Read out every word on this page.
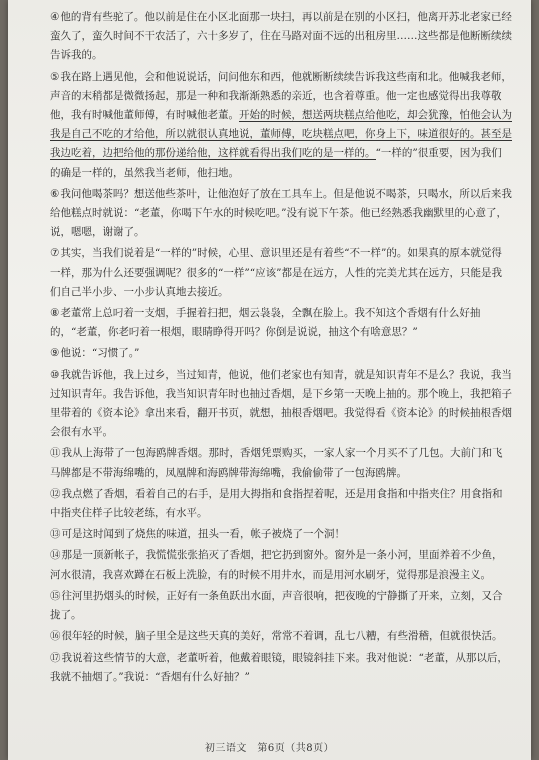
④他的背有些驼了。他以前是住在小区北面那一块扫，再以前是在别的小区扫，他离开苏北老家已经蛮久了，蛮久时间不干农活了，六十多岁了，住在马路对面不远的出租房里……这些都是他断断续续告诉我的。

⑤我在路上遇见他，会和他说说话，问问他东和西，他就断断续续告诉我这些南和北。他喊我老师，声音的末稍都是微微扬起，那是一种和我渐渐熟悉的亲近，也含着尊重。他一定也感觉得出我尊敬他，我有时喊他董师傅，有时喊他老董。开始的时候，想送两块糕点给他吃，却会犹豫，怕他会认为我是自己不吃的才给他，所以就很认真地说，董师傅，吃块糕点吧，你身上下，味道很好的。甚至是我边吃着，边把给他的那份递给他，这样就看得出我们吃的是一样的。“一样的”很重要，因为我们的确是一样的，虽然我当老师，他扫地。

⑥我问他喝茶吗？想送他些茶叶，让他泡好了放在工具车上。但是他说不喝茶，只喝水，所以后来我给他糕点时就说：“老董，你喝下午水的时候吃吧。”没有说下午茶。他已经熟悉我幽默里的心意了，说，嗯嗯，谢谢了。

⑦其实，当我们说着是“一样的”时候，心里、意识里还是有着些“不一样”的。如果真的原本就觉得一样，那为什么还要强调呢？很多的“一样”“应该”都是在远方，人性的完美尤其在远方，只能是我们自己半小步、一小步认真地去接近。

⑧老董常上总叼着一支烟，手握着扫把，烟云袅袅，全飘在脸上。我不知这个香烟有什么好抽的，“老董，你老叼着一根烟，眼睛睁得开吗？你倒是说说，抽这个有啥意思？”

⑨他说：“习惯了。”

⑩我就告诉他，我上过乡，当过知青，他说，他们老家也有知青，就是知识青年不是么？我说，我当过知识青年。我告诉他，我当知识青年时也抽过香烟，是下乡第一天晚上抽的。那个晚上，我把箱子里带着的《资本论》拿出来看，翻开书页，就想，抽根香烟吧。我觉得看《资本论》的时候抽根香烟会很有水平。

⑪我从上海带了一包海鸥牌香烟。那时，香烟凭票购买，一家人家一个月买不了几包。大前门和飞马牌都是不带海绵嘴的，凤凰牌和海鸥牌带海绵嘴，我偷偷带了一包海鸥牌。

⑫我点燃了香烟，看着自己的右手，是用大拇指和食指捏着呢，还是用食指和中指夹住？用食指和中指夹住样子比较老练，有水平。

⑬可是这时闻到了烧焦的味道，扭头一看，帐子被烧了一个洞！

⑭那是一顶新帐子，我慌慌张张掐灭了香烟，把它扔到窗外。窗外是一条小河，里面养着不少鱼，河水很清，我喜欢蹲在石板上洗脸，有的时候不用井水，而是用河水刷牙，觉得那是浪漫主义。

⑮往河里扔烟头的时候，正好有一条鱼跃出水面，声音很响，把夜晚的宁静撕了开来，立刻，又合拢了。

⑯很年轻的时候，脑子里全是这些天真的美好，常常不着调，乱七八糟，有些滑稽，但就很快活。

⑰我说着这些情节的大意，老董听着，他戴着眼镜，眼镜斜挂下来。我对他说：“老董，从那以后，我就不抽烟了。”我说：“香烟有什么好抽？”

初三语文　第6页（共8页）
